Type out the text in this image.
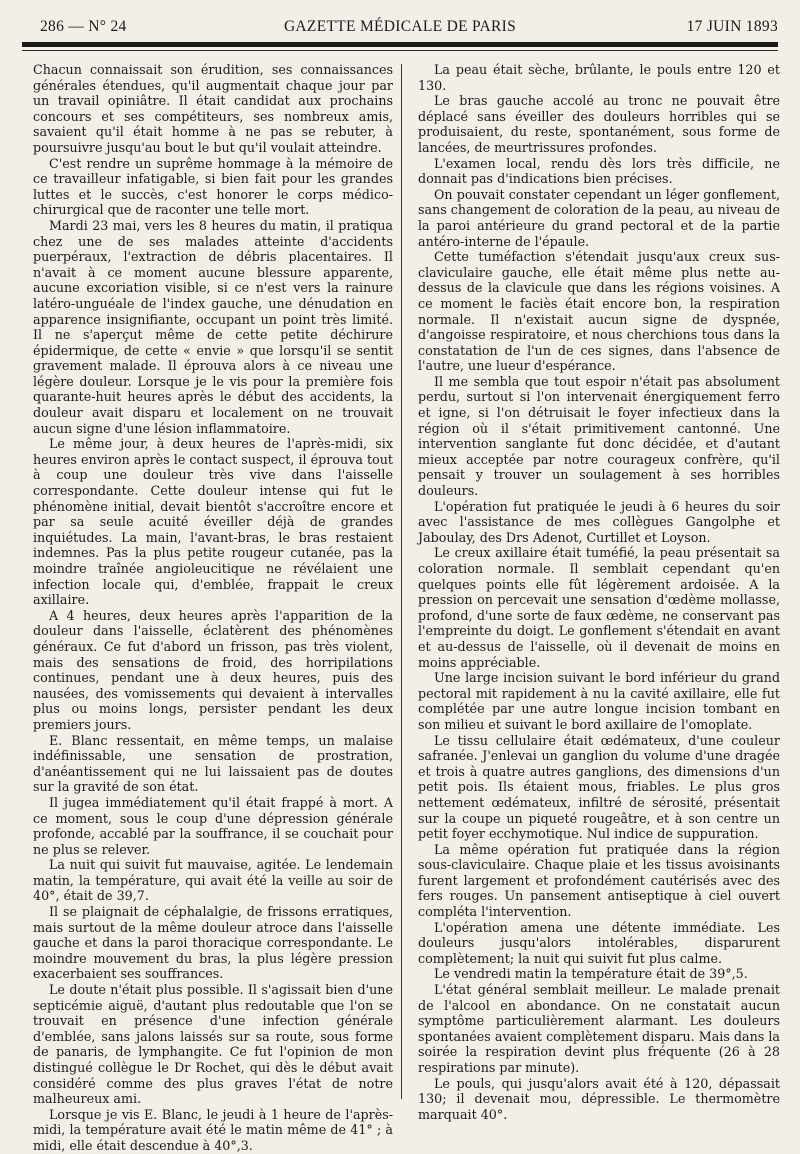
286 — N° 24	GAZETTE MÉDICALE DE PARIS	17 JUIN 1893

Chacun connaissait son érudition, ses connaissances générales étendues, qu'il augmentait chaque jour par un travail opiniâtre. Il était candidat aux prochains concours et ses compétiteurs, ses nombreux amis, savaient qu'il était homme à ne pas se rebuter, à poursuivre jusqu'au bout le but qu'il voulait atteindre.

C'est rendre un suprême hommage à la mémoire de ce travailleur infatigable, si bien fait pour les grandes luttes et le succès, c'est honorer le corps médico-chirurgical que de raconter une telle mort.

Mardi 23 mai, vers les 8 heures du matin, il pratiqua chez une de ses malades atteinte d'accidents puerpéraux, l'extraction de débris placentaires. Il n'avait à ce moment aucune blessure apparente, aucune excoriation visible, si ce n'est vers la rainure latéro-unguéale de l'index gauche, une dénudation en apparence insignifiante, occupant un point très limité. Il ne s'aperçut même de cette petite déchirure épidermique, de cette « envie » que lorsqu'il se sentit gravement malade. Il éprouva alors à ce niveau une légère douleur. Lorsque je le vis pour la première fois quarante-huit heures après le début des accidents, la douleur avait disparu et localement on ne trouvait aucun signe d'une lésion inflammatoire.

Le même jour, à deux heures de l'après-midi, six heures environ après le contact suspect, il éprouva tout à coup une douleur très vive dans l'aisselle correspondante. Cette douleur intense qui fut le phénomène initial, devait bientôt s'accroître encore et par sa seule acuité éveiller déjà de grandes inquiétudes. La main, l'avant-bras, le bras restaient indemnes. Pas la plus petite rougeur cutanée, pas la moindre traînée angioleucitique ne révélaient une infection locale qui, d'emblée, frappait le creux axillaire.

A 4 heures, deux heures après l'apparition de la douleur dans l'aisselle, éclatèrent des phénomènes généraux. Ce fut d'abord un frisson, pas très violent, mais des sensations de froid, des horripilations continues, pendant une à deux heures, puis des nausées, des vomissements qui devaient à intervalles plus ou moins longs, persister pendant les deux premiers jours.

E. Blanc ressentait, en même temps, un malaise indéfinissable, une sensation de prostration, d'anéantissement qui ne lui laissaient pas de doutes sur la gravité de son état.

Il jugea immédiatement qu'il était frappé à mort. A ce moment, sous le coup d'une dépression générale profonde, accablé par la souffrance, il se couchait pour ne plus se relever.

La nuit qui suivit fut mauvaise, agitée. Le lendemain matin, la température, qui avait été la veille au soir de 40°, était de 39,7.

Il se plaignait de céphalalgie, de frissons erratiques, mais surtout de la même douleur atroce dans l'aisselle gauche et dans la paroi thoracique correspondante. Le moindre mouvement du bras, la plus légère pression exacerbaient ses souffrances.

Le doute n'était plus possible. Il s'agissait bien d'une septicémie aiguë, d'autant plus redoutable que l'on se trouvait en présence d'une infection générale d'emblée, sans jalons laissés sur sa route, sous forme de panaris, de lymphangite. Ce fut l'opinion de mon distingué collègue le Dr Rochet, qui dès le début avait considéré comme des plus graves l'état de notre malheureux ami.

Lorsque je vis E. Blanc, le jeudi à 1 heure de l'après-midi, la température avait été le matin même de 41° ; à midi, elle était descendue à 40°,3.

La peau était sèche, brûlante, le pouls entre 120 et 130.

Le bras gauche accolé au tronc ne pouvait être déplacé sans éveiller des douleurs horribles qui se produisaient, du reste, spontanément, sous forme de lancées, de meurtrissures profondes.

L'examen local, rendu dès lors très difficile, ne donnait pas d'indications bien précises.

On pouvait constater cependant un léger gonflement, sans changement de coloration de la peau, au niveau de la paroi antérieure du grand pectoral et de la partie antéro-interne de l'épaule.

Cette tuméfaction s'étendait jusqu'aux creux sus-claviculaire gauche, elle était même plus nette au-dessus de la clavicule que dans les régions voisines. A ce moment le faciès était encore bon, la respiration normale. Il n'existait aucun signe de dyspnée, d'angoisse respiratoire, et nous cherchions tous dans la constatation de l'un de ces signes, dans l'absence de l'autre, une lueur d'espérance.

Il me sembla que tout espoir n'était pas absolument perdu, surtout si l'on intervenait énergiquement ferro et igne, si l'on détruisait le foyer infectieux dans la région où il s'était primitivement cantonné. Une intervention sanglante fut donc décidée, et d'autant mieux acceptée par notre courageux confrère, qu'il pensait y trouver un soulagement à ses horribles douleurs.

L'opération fut pratiquée le jeudi à 6 heures du soir avec l'assistance de mes collègues Gangolphe et Jaboulay, des Drs Adenot, Curtillet et Loyson.

Le creux axillaire était tuméfié, la peau présentait sa coloration normale. Il semblait cependant qu'en quelques points elle fût légèrement ardoisée. A la pression on percevait une sensation d'œdème mollasse, profond, d'une sorte de faux œdème, ne conservant pas l'empreinte du doigt. Le gonflement s'étendait en avant et au-dessus de l'aisselle, où il devenait de moins en moins appréciable.

Une large incision suivant le bord inférieur du grand pectoral mit rapidement à nu la cavité axillaire, elle fut complétée par une autre longue incision tombant en son milieu et suivant le bord axillaire de l'omoplate.

Le tissu cellulaire était œdémateux, d'une couleur safranée. J'enlevai un ganglion du volume d'une dragée et trois à quatre autres ganglions, des dimensions d'un petit pois. Ils étaient mous, friables. Le plus gros nettement œdémateux, infiltré de sérosité, présentait sur la coupe un piqueté rougeâtre, et à son centre un petit foyer ecchymotique. Nul indice de suppuration.

La même opération fut pratiquée dans la région sous-claviculaire. Chaque plaie et les tissus avoisinants furent largement et profondément cautérisés avec des fers rouges. Un pansement antiseptique à ciel ouvert compléta l'intervention.

L'opération amena une détente immédiate. Les douleurs jusqu'alors intolérables, disparurent complètement; la nuit qui suivit fut plus calme.

Le vendredi matin la température était de 39°,5.

L'état général semblait meilleur. Le malade prenait de l'alcool en abondance. On ne constatait aucun symptôme particulièrement alarmant. Les douleurs spontanées avaient complètement disparu. Mais dans la soirée la respiration devint plus fréquente (26 à 28 respirations par minute).

Le pouls, qui jusqu'alors avait été à 120, dépassait 130; il devenait mou, dépressible. Le thermomètre marquait 40°.
